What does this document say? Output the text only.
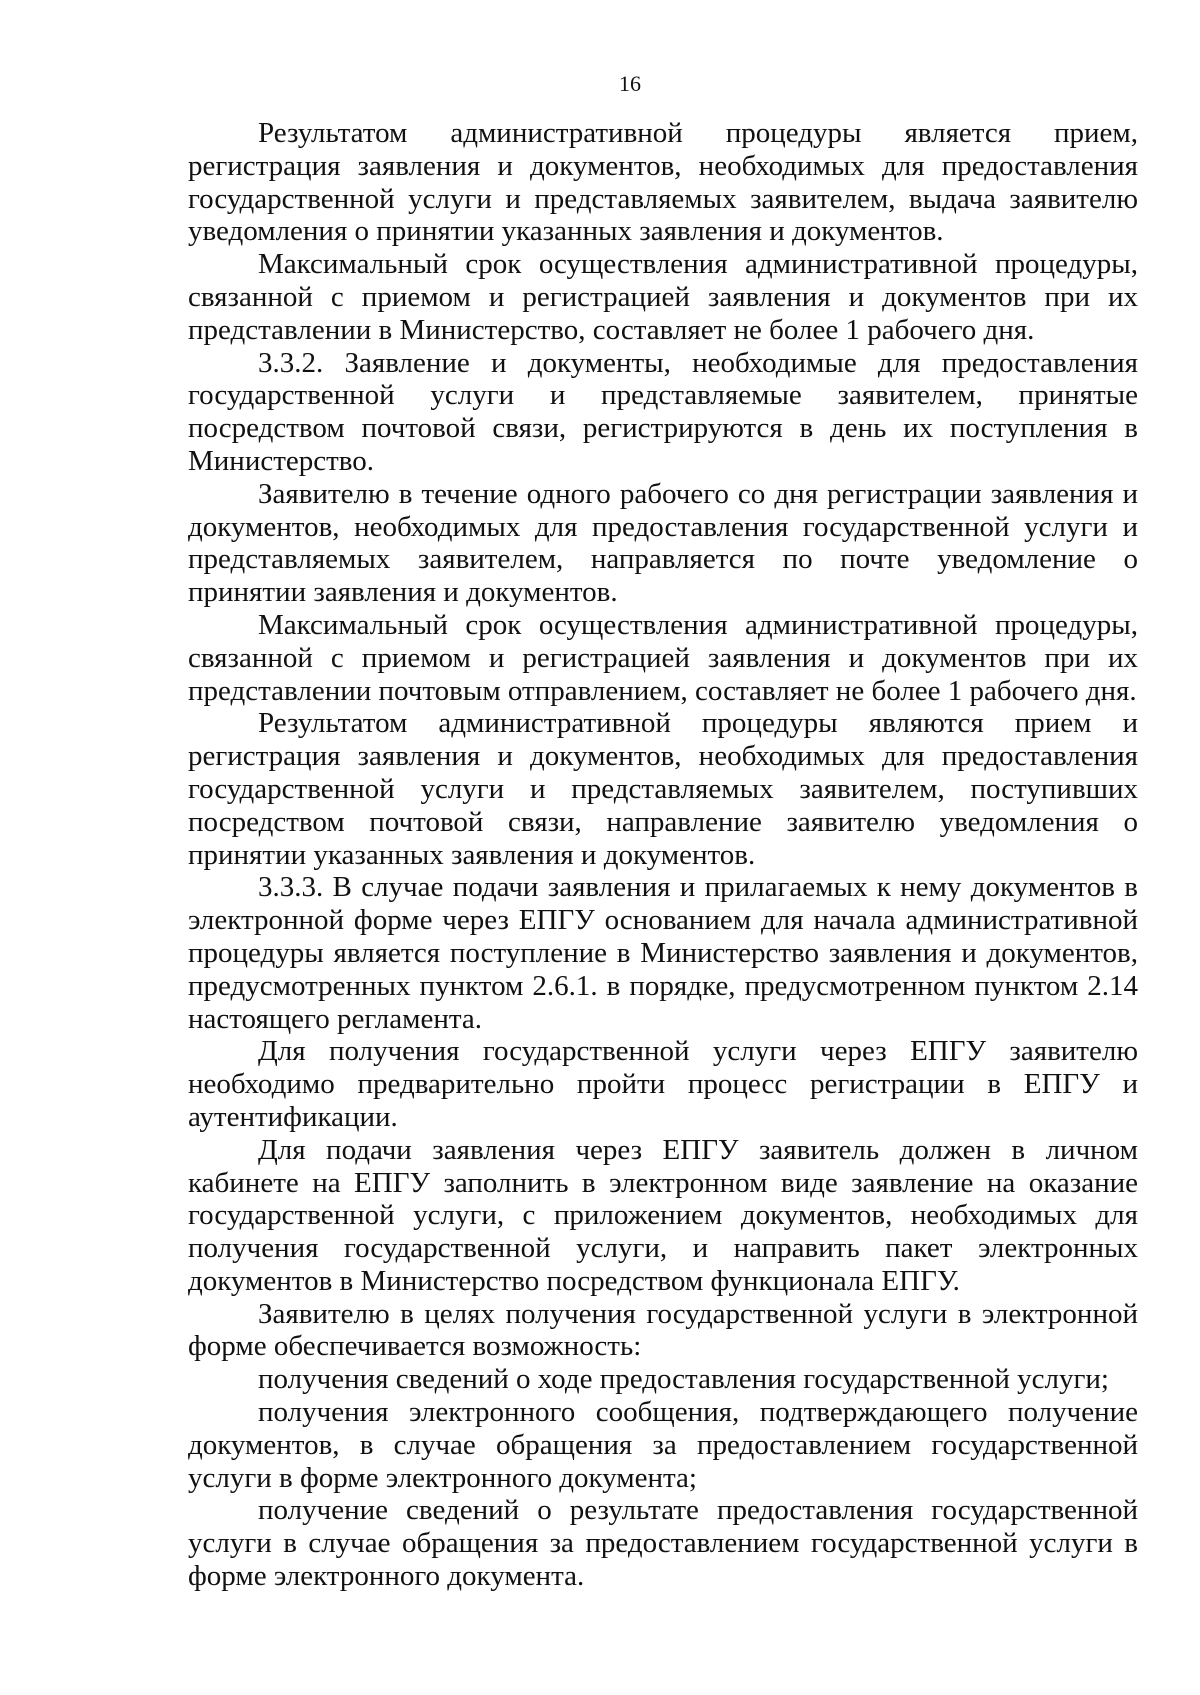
16

Результатом административной процедуры является прием, регистрация заявления и документов, необходимых для предоставления государственной услуги и представляемых заявителем, выдача заявителю уведомления о принятии указанных заявления и документов.

Максимальный срок осуществления административной процедуры, связанной с приемом и регистрацией заявления и документов при их представлении в Министерство, составляет не более 1 рабочего дня.

3.3.2. Заявление и документы, необходимые для предоставления государственной услуги и представляемые заявителем, принятые посредством почтовой связи, регистрируются в день их поступления в Министерство.

Заявителю в течение одного рабочего со дня регистрации заявления и документов, необходимых для предоставления государственной услуги и представляемых заявителем, направляется по почте уведомление о принятии заявления и документов.

Максимальный срок осуществления административной процедуры, связанной с приемом и регистрацией заявления и документов при их представлении почтовым отправлением, составляет не более 1 рабочего дня.

Результатом административной процедуры являются прием и регистрация заявления и документов, необходимых для предоставления государственной услуги и представляемых заявителем, поступивших посредством почтовой связи, направление заявителю уведомления о принятии указанных заявления и документов.

3.3.3. В случае подачи заявления и прилагаемых к нему документов в электронной форме через ЕПГУ основанием для начала административной процедуры является поступление в Министерство заявления и документов, предусмотренных пунктом 2.6.1. в порядке, предусмотренном пунктом 2.14 настоящего регламента.

Для получения государственной услуги через ЕПГУ заявителю необходимо предварительно пройти процесс регистрации в ЕПГУ и аутентификации.

Для подачи заявления через ЕПГУ заявитель должен в личном кабинете на ЕПГУ заполнить в электронном виде заявление на оказание государственной услуги, с приложением документов, необходимых для получения государственной услуги, и направить пакет электронных документов в Министерство посредством функционала ЕПГУ.

Заявителю в целях получения государственной услуги в электронной форме обеспечивается возможность:

получения сведений о ходе предоставления государственной услуги;

получения электронного сообщения, подтверждающего получение документов, в случае обращения за предоставлением государственной услуги в форме электронного документа;

получение сведений о результате предоставления государственной услуги в случае обращения за предоставлением государственной услуги в форме электронного документа.
